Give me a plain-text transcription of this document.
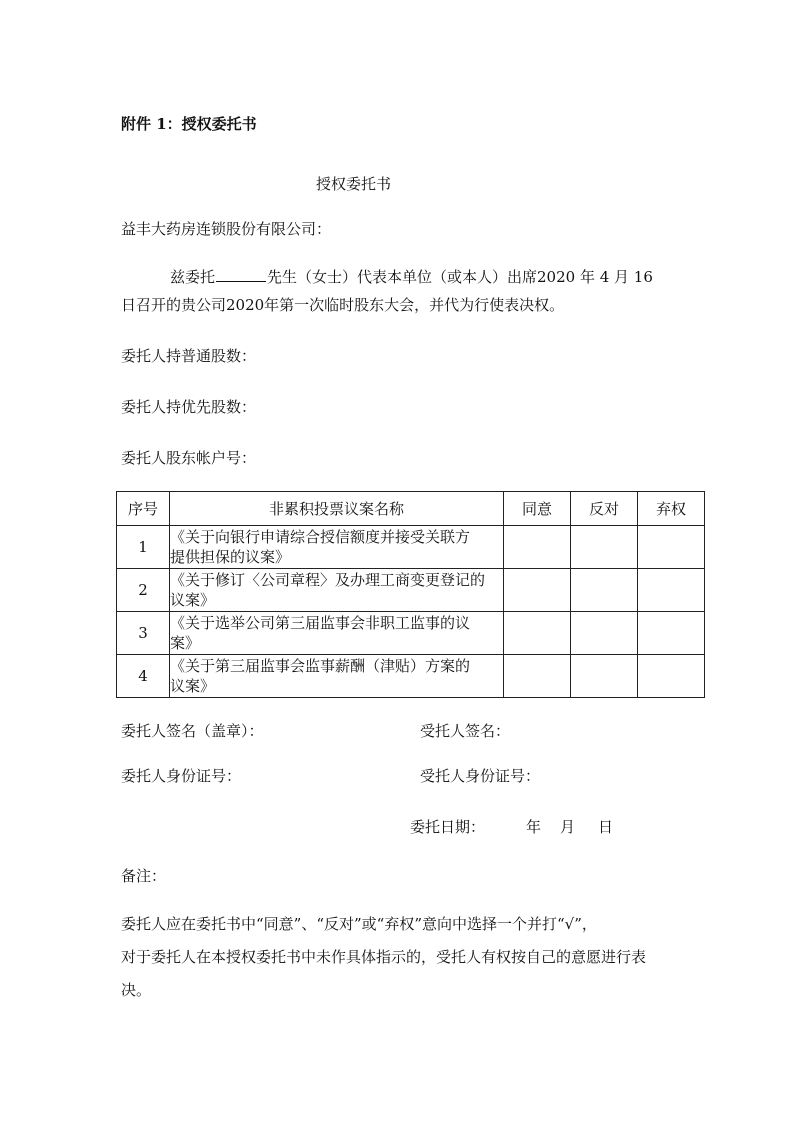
附件 1：授权委托书

授权委托书

益丰大药房连锁股份有限公司：

兹委托	先生（女士）代表本单位（或本人）出席2020 年 4 月 16

日召开的贵公司2020年第一次临时股东大会，并代为行使表决权。

委托人持普通股数：

委托人持优先股数：

委托人股东帐户号：

序号	非累积投票议案名称	同意	反对	弃权
1	《关于向银行申请综合授信额度并接受关联方
提供担保的议案》			
2	《关于修订〈公司章程〉及办理工商变更登记的
议案》			
3	《关于选举公司第三届监事会非职工监事的议
案》			
4	《关于第三届监事会监事薪酬（津贴）方案的
议案》			

委托人签名（盖章）：	受托人签名：

委托人身份证号：	受托人身份证号：

委托日期：	年 月 日

备注：

委托人应在委托书中“同意”、“反对”或“弃权”意向中选择一个并打“√”，

对于委托人在本授权委托书中未作具体指示的，受托人有权按自己的意愿进行表

决。
